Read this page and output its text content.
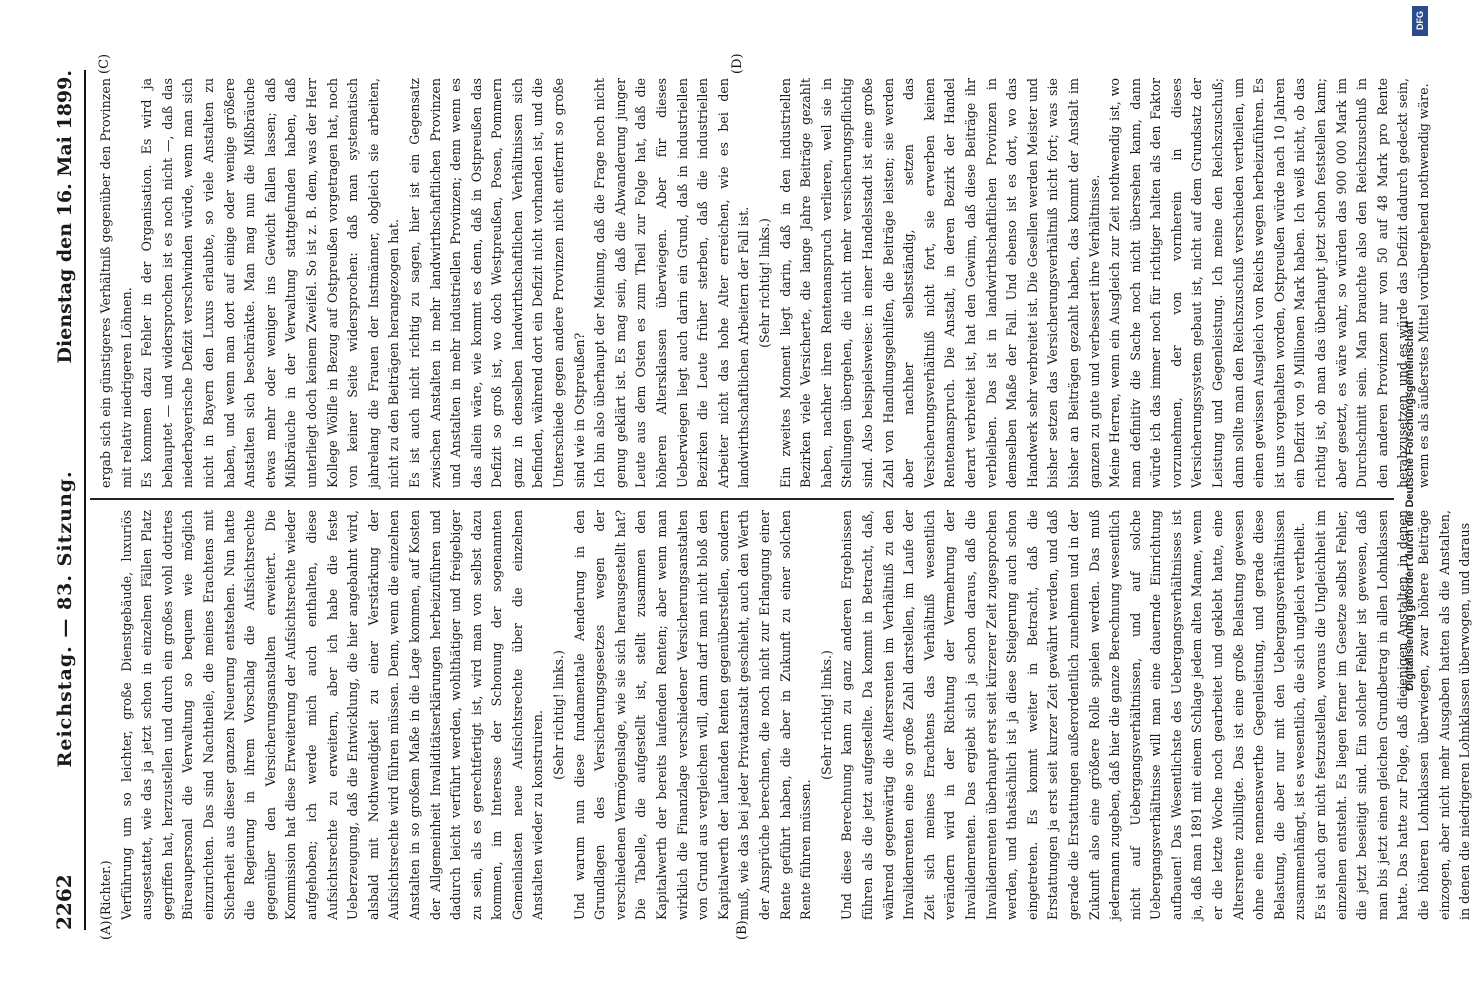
2262
Reichstag. — 83. Sitzung.
Dienstag den 16. Mai 1899.
(A)	(B)
(C)	(D)
(Richter.)
Verführung um so leichter, große Dienstgebäude, luxuriös ausgestattet, wie das ja jetzt schon in einzelnen Fällen Platz gegriffen hat, herzustellen und durch ein großes wohl dotirtes Büreaupersonal die Verwaltung so bequem wie möglich einzurichten. Das sind Nachtheile, die meines Erachtens mit Sicherheit aus dieser ganzen Neuerung entstehen. Nun hatte die Regierung in ihrem Vorschlag die Aufsichtsrechte gegenüber den Versicherungsanstalten erweitert. Die Kommission hat diese Erweiterung der Aufsichtsrechte wieder aufgehoben; ich werde mich auch enthalten, diese Aufsichtsrechte zu erweitern, aber ich habe die feste Ueberzeugung, daß die Entwicklung, die hier angebahnt wird, alsbald mit Nothwendigkeit zu einer Verstärkung der Aufsichtsrechte wird führen müssen. Denn, wenn die einzelnen Anstalten in so großem Maße in die Lage kommen, auf Kosten der Allgemeinheit Invaliditätserklärungen herbeizuführen und dadurch leicht verführt werden, wohlthätiger und freigebiger zu sein, als es gerechtfertigt ist, wird man von selbst dazu kommen, im Interesse der Schonung der sogenannten Gemeinlasten neue Aufsichtsrechte über die einzelnen Anstalten wieder zu konstruiren. (Sehr richtig! links.) Und warum nun diese fundamentale Aenderung in den Grundlagen des Versicherungsgesetzes wegen der verschiedenen Vermögenslage, wie sie sich herausgestellt hat? Die Tabelle, die aufgestellt ist, stellt zusammen den Kapitalwerth der bereits laufenden Renten; aber wenn man wirklich die Finanzlage verschiedener Versicherungsanstalten von Grund aus vergleichen will, dann darf man nicht bloß den Kapitalwerth der laufenden Renten gegenüberstellen, sondern muß, wie das bei jeder Privatanstalt geschieht, auch den Werth der Ansprüche berechnen, die noch nicht zur Erlangung einer Rente geführt haben, die aber in Zukunft zu einer solchen Rente führen müssen.

(Sehr richtig! links.)
Und diese Berechnung kann zu ganz anderen Ergebnissen führen als die jetzt aufgestellte. Da kommt in Betracht, daß, während gegenwärtig die Altersrenten im Verhältniß zu den Invalidenrenten eine so große Zahl darstellen, im Laufe der Zeit sich meines Erachtens das Verhältniß wesentlich verändern wird in der Richtung der Vermehrung der Invalidenrenten. Das ergiebt sich ja schon daraus, daß die Invalidenrenten überhaupt erst seit kürzerer Zeit zugesprochen werden, und thatsächlich ist ja diese Steigerung auch schon eingetreten. Es kommt weiter in Betracht, daß die Erstattungen ja erst seit kurzer Zeit gewährt werden, und daß gerade die Erstattungen außerordentlich zunehmen und in der Zukunft also eine größere Rolle spielen werden. Das muß jedermann zugeben, daß hier die ganze Berechnung wesentlich nicht auf Uebergangsverhältnissen, und auf solche Uebergangsverhältnisse will man eine dauernde Einrichtung aufbauen! Das Wesentlichste des Uebergangsverhältnisses ist ja, daß man 1891 mit einem Schlage jedem alten Manne, wenn er die letzte Woche noch gearbeitet und geklebt hatte, eine Altersrente zubilligte. Das ist eine große Belastung gewesen ohne eine nennenswerthe Gegenleistung, und gerade diese Belastung, die aber nur mit den Uebergangsverhältnissen zusammenhängt, ist es wesentlich, die sich ungleich vertheilt.
Es ist auch gar nicht festzustellen, woraus die Ungleichheit im einzelnen entsteht. Es liegen ferner im Gesetze selbst Fehler, die jetzt beseitigt sind. Ein solcher Fehler ist gewesen, daß man bis jetzt einen gleichen Grundbetrag in allen Lohnklassen hatte. Das hatte zur Folge, daß diejenigen Anstalten, in denen die höheren Lohnklassen überwiegen, zwar höhere Beiträge einzogen, aber nicht mehr Ausgaben hatten als die Anstalten, in denen die niedrigeren Lohnklassen überwogen, und daraus
ergab sich ein günstigeres Verhältniß gegenüber den Provinzen mit relativ niedrigeren Löhnen.
Es kommen dazu Fehler in der Organisation. Es wird ja behauptet — und widersprochen ist es noch nicht —, daß das niederbayerische Defizit verschwinden würde, wenn man sich nicht in Bayern den Luxus erlaubte, so viele Anstalten zu haben, und wenn man dort auf einige oder wenige größere Anstalten sich beschränkte. Man mag nun die Mißbräuche etwas mehr oder weniger ins Gewicht fallen lassen; daß Mißbräuche in der Verwaltung stattgefunden haben, daß unterliegt doch keinem Zweifel. So ist z. B. dem, was der Herr Kollege Wölfle in Bezug auf Ostpreußen vorgetragen hat, noch von keiner Seite widersprochen: daß man systematisch jahrelang die Frauen der Instmänner, obgleich sie arbeiten, nicht zu den Beiträgen herangezogen hat.
Es ist auch nicht richtig zu sagen, hier ist ein Gegensatz zwischen Anstalten in mehr landwirthschaftlichen Provinzen und Anstalten in mehr industriellen Provinzen; denn wenn es das allein wäre, wie kommt es denn, daß in Ostpreußen das Defizit so groß ist, wo doch Westpreußen, Posen, Pommern ganz in denselben landwirthschaftlichen Verhältnissen sich befinden, während dort ein Defizit nicht vorhanden ist, und die Unterschiede gegen andere Provinzen nicht entfernt so große sind wie in Ostpreußen?
Ich bin also überhaupt der Meinung, daß die Frage noch nicht genug geklärt ist. Es mag sein, daß die Abwanderung junger Leute aus dem Osten es zum Theil zur Folge hat, daß die höheren Altersklassen überwiegen. Aber für dieses Ueberwiegen liegt auch darin ein Grund, daß in industriellen Bezirken die Leute früher sterben, daß die industriellen Arbeiter nicht das hohe Alter erreichen, wie es bei den landwirthschaftlichen Arbeitern der Fall ist.

(Sehr richtig! links.)
Ein zweites Moment liegt darin, daß in den industriellen Bezirken viele Versicherte, die lange Jahre Beiträge gezahlt haben, nachher ihren Rentenanspruch verlieren, weil sie in Stellungen übergehen, die nicht mehr versicherungspflichtig sind. Also beispielsweise: in einer Handelsstadt ist eine große Zahl von Handlungsgehilfen, die Beiträge leisten; sie werden aber nachher selbstständig, setzen das Versicherungsverhältniß nicht fort, sie erwerben keinen Rentenanspruch. Die Anstalt, in deren Bezirk der Handel derart verbreitet ist, hat den Gewinn, daß diese Beiträge ihr verbleiben. Das ist in landwirthschaftlichen Provinzen in demselben Maße der Fall. Und ebenso ist es dort, wo das Handwerk sehr verbreitet ist. Die Gesellen werden Meister und bisher setzen das Versicherungsverhältniß nicht fort; was sie bisher an Beiträgen gezahlt haben, das kommt der Anstalt im ganzen zu gute und verbessert ihre Verhältnisse.
Meine Herren, wenn ein Ausgleich zur Zeit nothwendig ist, wo man definitiv die Sache noch nicht übersehen kann, dann würde ich das immer noch für richtiger halten als den Faktor vorzunehmen, der von vornherein in dieses Versicherungssystem gebaut ist, nicht auf dem Grundsatz der Leistung und Gegenleistung. Ich meine den Reichszuschuß; dann sollte man den Reichszuschuß verschieden vertheilen, um einen gewissen Ausgleich von Reichs wegen herbeizuführen. Es ist uns vorgehalten worden, Ostpreußen würde nach 10 Jahren ein Defizit von 9 Millionen Mark haben. Ich weiß nicht, ob das richtig ist, ob man das überhaupt jetzt schon feststellen kann; aber gesetzt, es wäre wahr, so würden das 900 000 Mark im Durchschnitt sein. Man brauchte also den Reichszuschuß in den anderen Provinzen nur von 50 auf 48 Mark pro Rente herabzusetzen, und es würde das Defizit dadurch gedeckt sein, wenn es als äußerstes Mittel vorübergehend nothwendig wäre.
Digitalisierung gefördert durch die Deutsche Forschungsgemeinschaft
DFG
